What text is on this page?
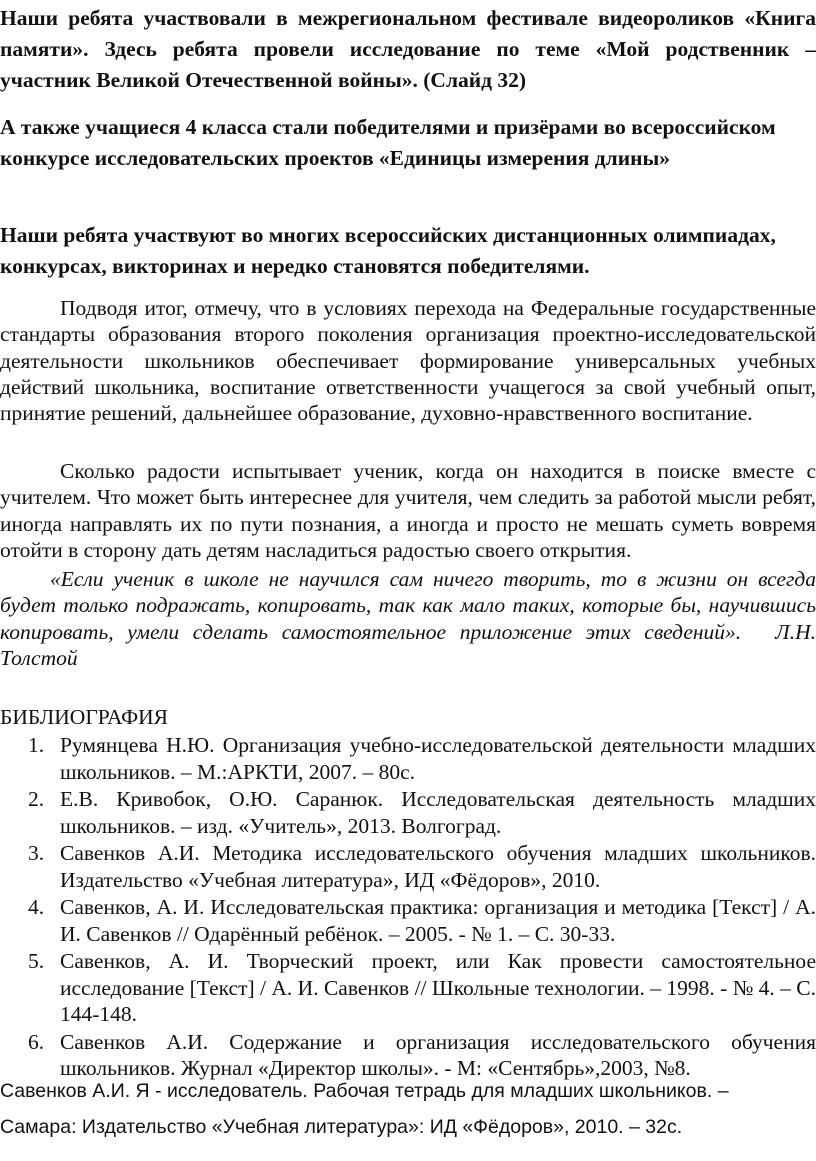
Наши ребята участвовали в межрегиональном фестивале видеороликов «Книга памяти». Здесь ребята провели исследование по теме «Мой родственник – участник Великой Отечественной войны». (Слайд 32)
А также учащиеся 4 класса стали победителями и призёрами во всероссийском конкурсе исследовательских проектов «Единицы измерения длины»
Наши ребята участвуют во многих всероссийских дистанционных олимпиадах, конкурсах, викторинах и нередко становятся победителями.
Подводя итог, отмечу, что в условиях перехода на Федеральные государственные стандарты образования второго поколения организация проектно-исследовательской деятельности школьников обеспечивает формирование универсальных учебных действий школьника, воспитание ответственности учащегося за свой учебный опыт, принятие решений, дальнейшее образование, духовно-нравственного воспитание.
Сколько радости испытывает ученик, когда он находится в поиске вместе с учителем. Что может быть интереснее для учителя, чем следить за работой мысли ребят, иногда направлять их по пути познания, а иногда и просто не мешать суметь вовремя отойти в сторону дать детям насладиться радостью своего открытия.
«Если ученик в школе не научился сам ничего творить, то в жизни он всегда будет только подражать, копировать, так как мало таких, которые бы, научившись копировать, умели сделать самостоятельное приложение этих сведений». Л.Н. Толстой
БИБЛИОГРАФИЯ
1. Румянцева Н.Ю. Организация учебно-исследовательской деятельности младших школьников. – М.:АРКТИ, 2007. – 80с.
2. Е.В. Кривобок, О.Ю. Саранюк. Исследовательская деятельность младших школьников. – изд. «Учитель», 2013. Волгоград.
3. Савенков А.И. Методика исследовательского обучения младших школьников. Издательство «Учебная литература», ИД «Фёдоров», 2010.
4. Савенков, А. И. Исследовательская практика: организация и методика [Текст] / А. И. Савенков // Одарённый ребёнок. – 2005. - № 1. – С. 30-33.
5. Савенков, А. И. Творческий проект, или Как провести самостоятельное исследование [Текст] / А. И. Савенков // Школьные технологии. – 1998. - № 4. – С. 144-148.
6. Савенков А.И. Содержание и организация исследовательского обучения школьников. Журнал «Директор школы». - М: «Сентябрь»,2003, №8.
Савенков А.И. Я - исследователь. Рабочая тетрадь для младших школьников. –
Самара: Издательство «Учебная литература»: ИД «Фёдоров», 2010. – 32с.
